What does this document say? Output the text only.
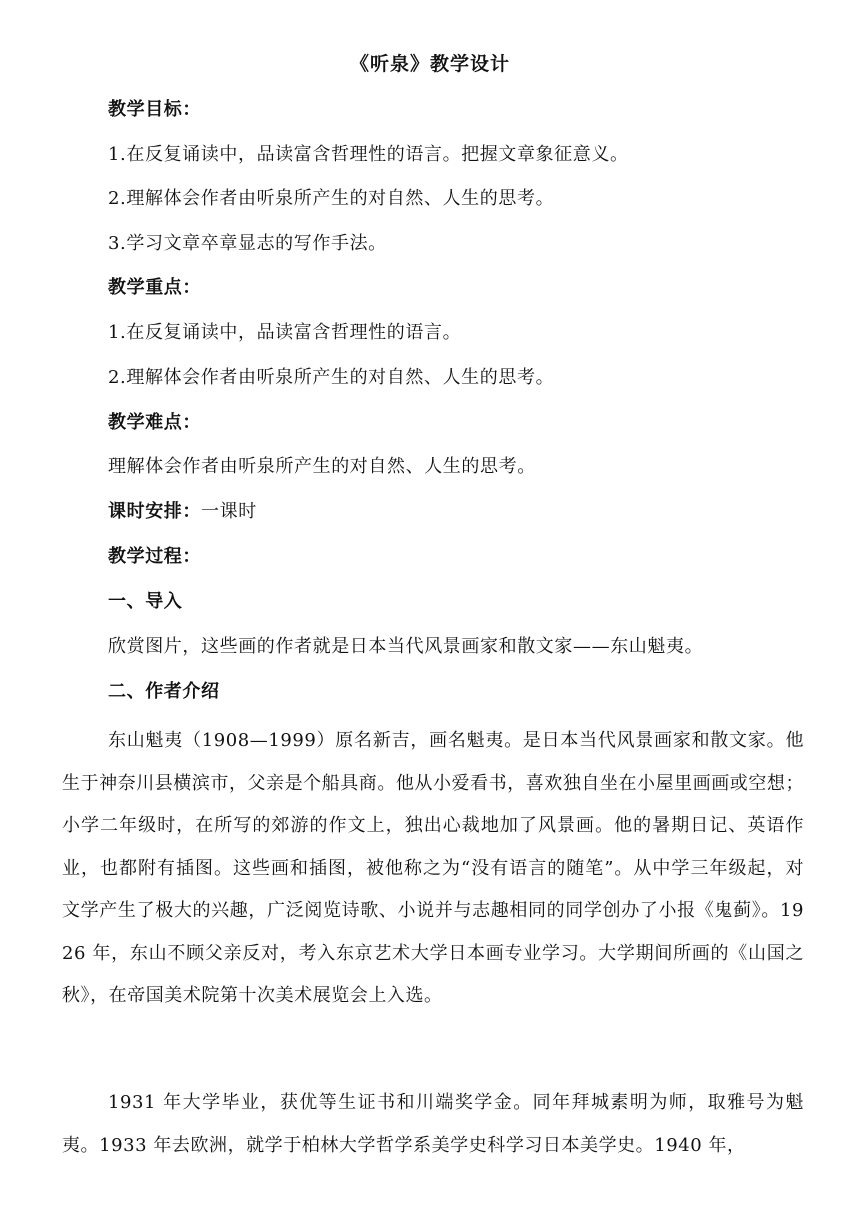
《听泉》教学设计
教学目标：
1.在反复诵读中，品读富含哲理性的语言。把握文章象征意义。
2.理解体会作者由听泉所产生的对自然、人生的思考。
3.学习文章卒章显志的写作手法。
教学重点：
1.在反复诵读中，品读富含哲理性的语言。
2.理解体会作者由听泉所产生的对自然、人生的思考。
教学难点：
理解体会作者由听泉所产生的对自然、人生的思考。
课时安排：一课时
教学过程：
一、导入
欣赏图片，这些画的作者就是日本当代风景画家和散文家——东山魁夷。
二、作者介绍
东山魁夷（1908—1999）原名新吉，画名魁夷。是日本当代风景画家和散文家。他生于神奈川县横滨市，父亲是个船具商。他从小爱看书，喜欢独自坐在小屋里画画或空想；小学二年级时，在所写的郊游的作文上，独出心裁地加了风景画。他的暑期日记、英语作业，也都附有插图。这些画和插图，被他称之为“没有语言的随笔”。从中学三年级起，对文学产生了极大的兴趣，广泛阅览诗歌、小说并与志趣相同的同学创办了小报《鬼蓟》。1926 年，东山不顾父亲反对，考入东京艺术大学日本画专业学习。大学期间所画的《山国之秋》，在帝国美术院第十次美术展览会上入选。
1931 年大学毕业，获优等生证书和川端奖学金。同年拜城素明为师，取雅号为魁夷。1933 年去欧洲，就学于柏林大学哲学系美学史科学习日本美学史。1940 年，
